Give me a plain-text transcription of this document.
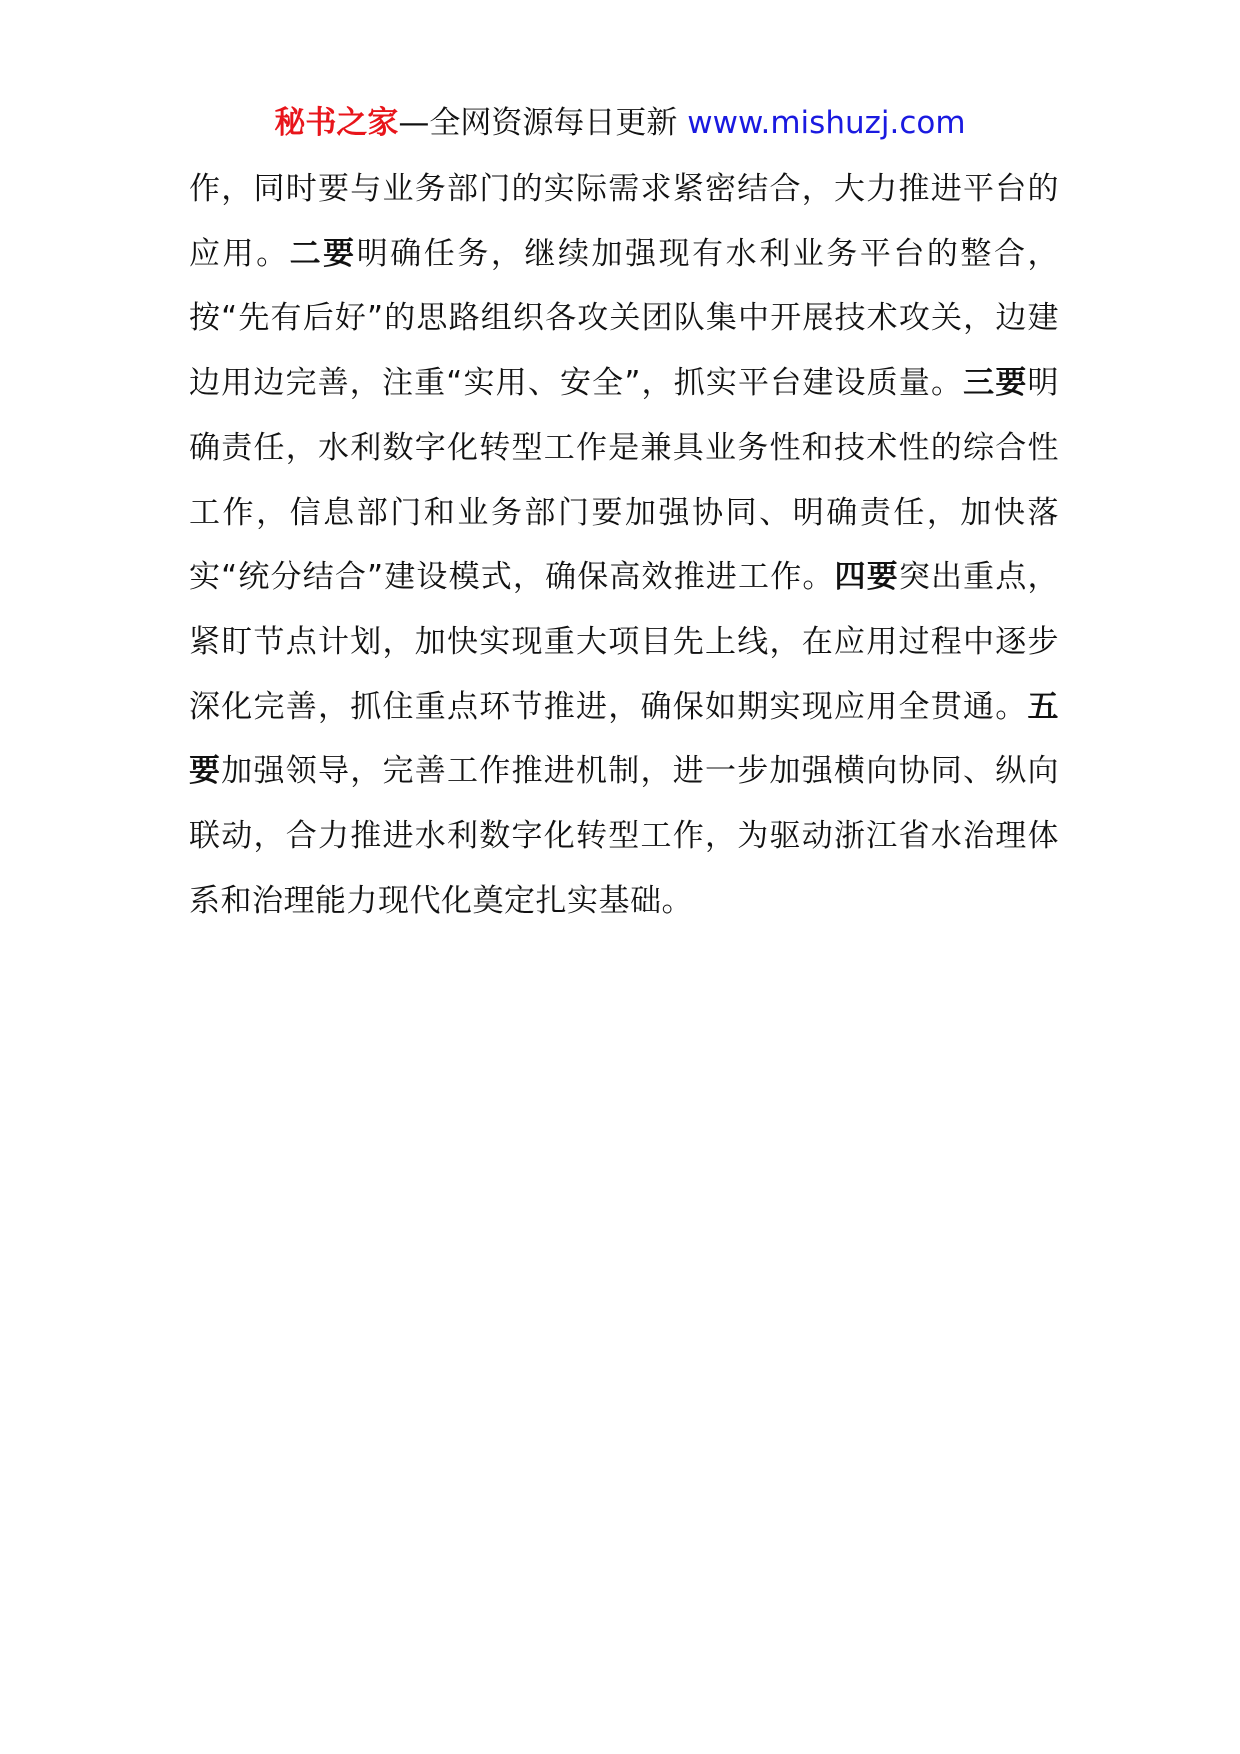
秘书之家—全网资源每日更新 www.mishuzj.com

作，同时要与业务部门的实际需求紧密结合，大力推进平台的应用。二要明确任务，继续加强现有水利业务平台的整合，按“先有后好”的思路组织各攻关团队集中开展技术攻关，边建边用边完善，注重“实用、安全”，抓实平台建设质量。三要明确责任，水利数字化转型工作是兼具业务性和技术性的综合性工作，信息部门和业务部门要加强协同、明确责任，加快落实“统分结合”建设模式，确保高效推进工作。四要突出重点，紧盯节点计划，加快实现重大项目先上线，在应用过程中逐步深化完善，抓住重点环节推进，确保如期实现应用全贯通。五要加强领导，完善工作推进机制，进一步加强横向协同、纵向联动，合力推进水利数字化转型工作，为驱动浙江省水治理体系和治理能力现代化奠定扎实基础。
